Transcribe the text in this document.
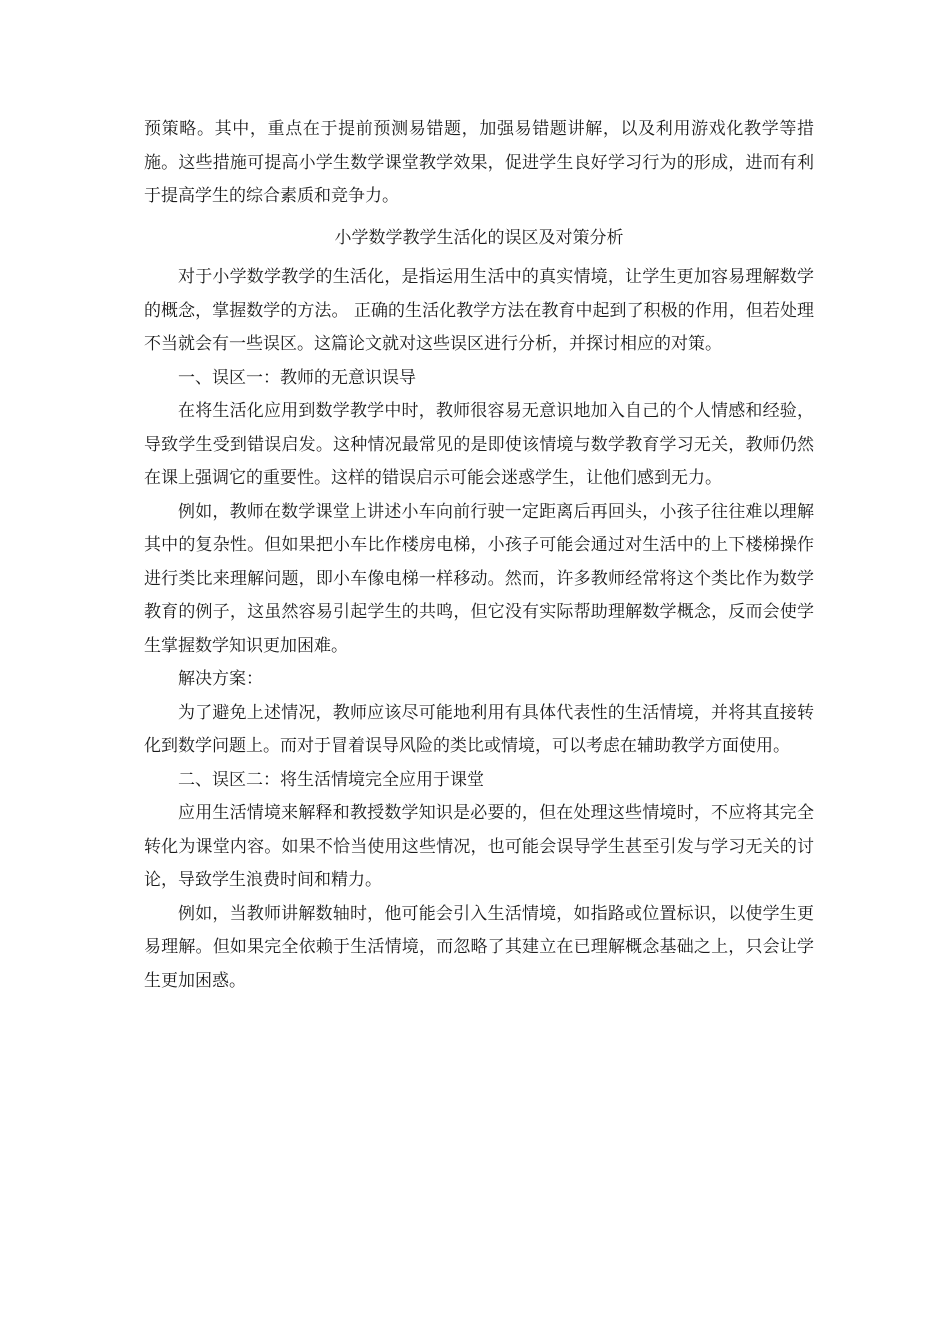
预策略。其中，重点在于提前预测易错题，加强易错题讲解，以及利用游戏化教学等措施。这些措施可提高小学生数学课堂教学效果，促进学生良好学习行为的形成，进而有利于提高学生的综合素质和竞争力。

小学数学教学生活化的误区及对策分析

对于小学数学教学的生活化，是指运用生活中的真实情境，让学生更加容易理解数学的概念，掌握数学的方法。 正确的生活化教学方法在教育中起到了积极的作用，但若处理不当就会有一些误区。这篇论文就对这些误区进行分析，并探讨相应的对策。

一、误区一：教师的无意识误导

在将生活化应用到数学教学中时，教师很容易无意识地加入自己的个人情感和经验，导致学生受到错误启发。这种情况最常见的是即使该情境与数学教育学习无关，教师仍然在课上强调它的重要性。这样的错误启示可能会迷惑学生，让他们感到无力。

例如，教师在数学课堂上讲述小车向前行驶一定距离后再回头，小孩子往往难以理解其中的复杂性。但如果把小车比作楼房电梯，小孩子可能会通过对生活中的上下楼梯操作进行类比来理解问题，即小车像电梯一样移动。然而，许多教师经常将这个类比作为数学教育的例子，这虽然容易引起学生的共鸣，但它没有实际帮助理解数学概念，反而会使学生掌握数学知识更加困难。

解决方案：

为了避免上述情况，教师应该尽可能地利用有具体代表性的生活情境，并将其直接转化到数学问题上。而对于冒着误导风险的类比或情境，可以考虑在辅助教学方面使用。

二、误区二：将生活情境完全应用于课堂

应用生活情境来解释和教授数学知识是必要的，但在处理这些情境时，不应将其完全转化为课堂内容。如果不恰当使用这些情况，也可能会误导学生甚至引发与学习无关的讨论，导致学生浪费时间和精力。

例如，当教师讲解数轴时，他可能会引入生活情境，如指路或位置标识，以使学生更易理解。但如果完全依赖于生活情境，而忽略了其建立在已理解概念基础之上，只会让学生更加困惑。
